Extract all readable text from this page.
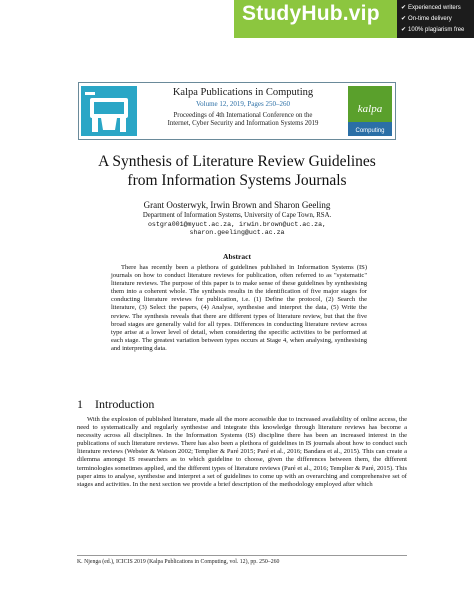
StudyHub.vip	✔ Experienced writers
✔ On-time delivery
✔ 100% plagiarism free
Kalpa Publications in Computing
Volume 12, 2019, Pages 250–260
Proceedings of 4th International Conference on the
Internet, Cyber Security and Information Systems 2019
kalpa
Computing
A Synthesis of Literature Review Guidelines
from Information Systems Journals
Grant Oosterwyk, Irwin Brown and Sharon Geeling
Department of Information Systems, University of Cape Town, RSA.
ostgra001@myuct.ac.za, irwin.brown@uct.ac.za,
sharon.geeling@uct.ac.za
Abstract

There has recently been a plethora of guidelines published in Information Systems (IS) journals on how to conduct literature reviews for publication, often referred to as "systematic" literature reviews. The purpose of this paper is to make sense of these guidelines by synthesising them into a coherent whole. The synthesis results in the identification of five major stages for conducting literature reviews for publication, i.e. (1) Define the protocol, (2) Search the literature, (3) Select the papers, (4) Analyse, synthesise and interpret the data, (5) Write the review. The synthesis reveals that there are different types of literature review, but that the five broad stages are generally valid for all types. Differences in conducting literature review across type arise at a lower level of detail, when considering the specific activities to be performed at each stage. The greatest variation between types occurs at Stage 4, when analysing, synthesising and interpreting data.

1 Introduction

With the explosion of published literature, made all the more accessible due to increased availability of online access, the need to systematically and regularly synthesise and integrate this knowledge through literature reviews has become a necessity across all disciplines. In the Information Systems (IS) discipline there has been an increased interest in the publications of such literature reviews. There has also been a plethora of guidelines in IS journals about how to conduct such literature reviews (Webster & Watson 2002; Templier & Paré 2015; Paré et al., 2016; Bandara et al., 2015). This can create a dilemma amongst IS researchers as to which guideline to choose, given the differences between them, the different terminologies sometimes applied, and the different types of literature reviews (Paré et al., 2016; Templier & Paré, 2015). This paper aims to analyse, synthesise and interpret a set of guidelines to come up with an overarching and comprehensive set of stages and activities. In the next section we provide a brief description of the methodology employed after which

K. Njenga (ed.), ICICIS 2019 (Kalpa Publications in Computing, vol. 12), pp. 250–260
